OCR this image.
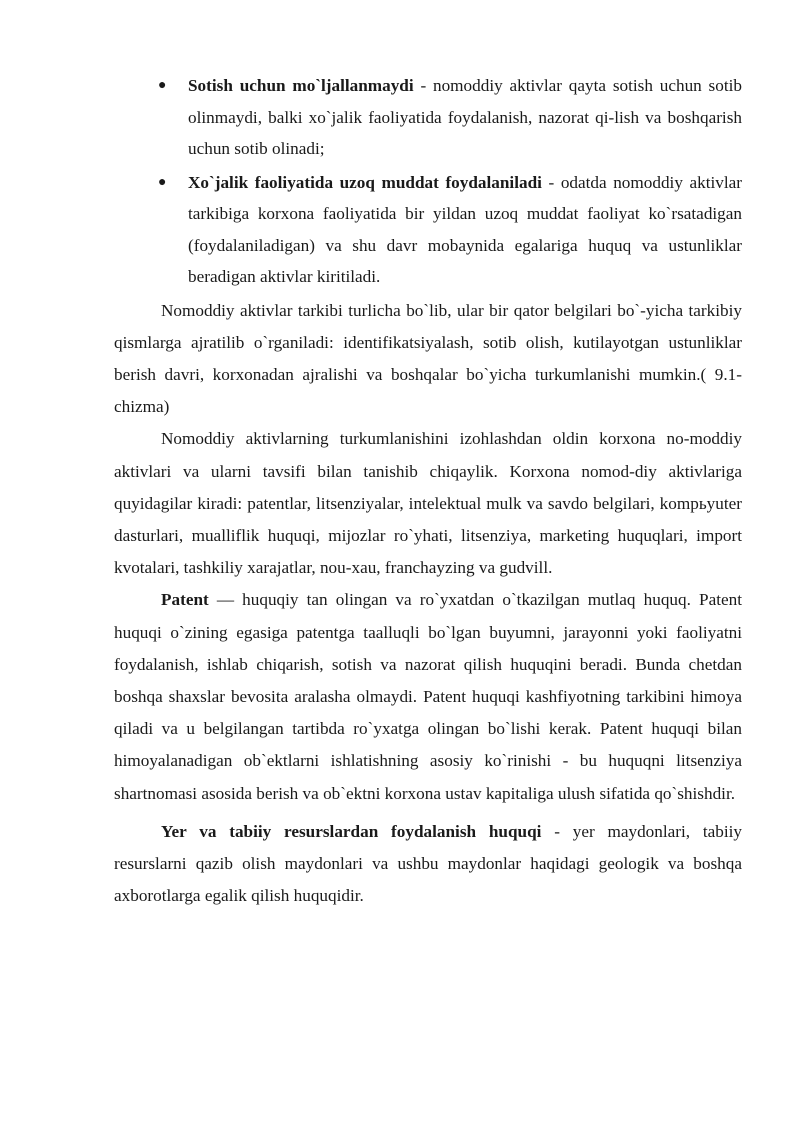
● Sotish uchun mo`ljallanmaydi - nomoddiy aktivlar qayta sotish uchun sotib olinmaydi, balki xo`jalik faoliyatida foydalanish, nazorat qi-lish va boshqarish uchun sotib olinadi;
● Xo`jalik faoliyatida uzoq muddat foydalaniladi - odatda nomoddiy aktivlar tarkibiga korxona faoliyatida bir yildan uzoq muddat faoliyat ko`rsatadigan (foydalaniladigan) va shu davr mobaynida egalariga huquq va ustunliklar beradigan aktivlar kiritiladi.

Nomoddiy aktivlar tarkibi turlicha bo`lib, ular bir qator belgilari bo`-yicha tarkibiy qismlarga ajratilib o`rganiladi: identifikatsiyalash, sotib olish, kutilayotgan ustunliklar berish davri, korxonadan ajralishi va boshqalar bo`yicha turkumlanishi mumkin.( 9.1-chizma)

Nomoddiy aktivlarning turkumlanishini izohlashdan oldin korxona no-moddiy aktivlari va ularni tavsifi bilan tanishib chiqaylik. Korxona nomod-diy aktivlariga quyidagilar kiradi: patentlar, litsenziyalar, intelektual mulk va savdo belgilari, kompьyuter dasturlari, mualliflik huquqi, mijozlar ro`yhati, litsenziya, marketing huquqlari, import kvotalari, tashkiliy xarajatlar, nou-xau, franchayzing va gudvill.

Patent — huquqiy tan olingan va ro`yxatdan o`tkazilgan mutlaq huquq. Patent huquqi o`zining egasiga patentga taalluqli bo`lgan buyumni, jarayonni yoki faoliyatni foydalanish, ishlab chiqarish, sotish va nazorat qilish huquqini beradi. Bunda chetdan boshqa shaxslar bevosita aralasha olmaydi. Patent huquqi kashfiyotning tarkibini himoya qiladi va u belgilangan tartibda ro`yxatga olingan bo`lishi kerak. Patent huquqi bilan himoyalanadigan ob`ektlarni ishlatishning asosiy ko`rinishi - bu huquqni litsenziya shartnomasi asosida berish va ob`ektni korxona ustav kapitaliga ulush sifatida qo`shishdir.

Yer va tabiiy resurslardan foydalanish huquqi - yer maydonlari, tabiiy resurslarni qazib olish maydonlari va ushbu maydonlar haqidagi geologik va boshqa axborotlarga egalik qilish huquqidir.
